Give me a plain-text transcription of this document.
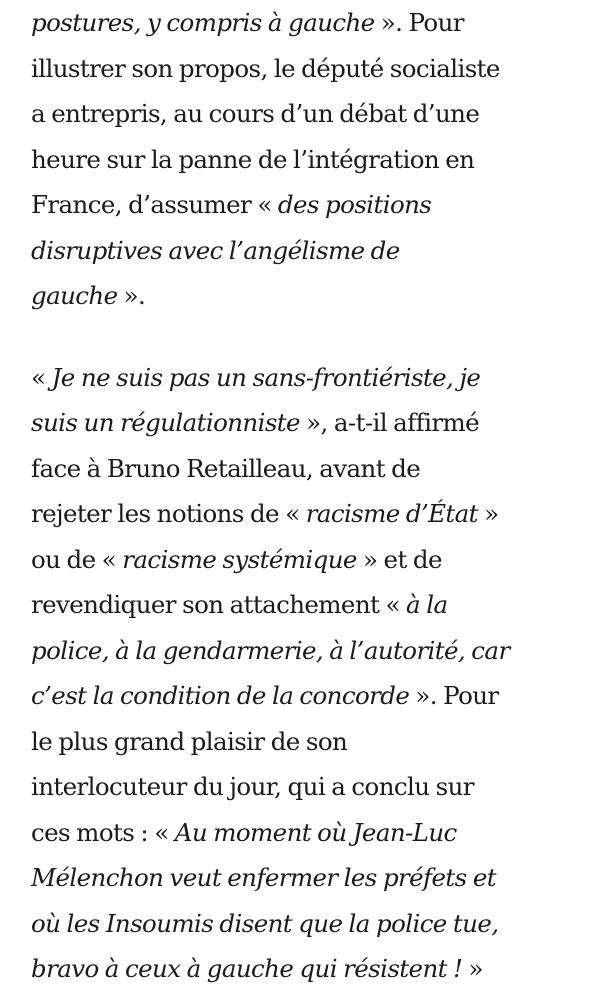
postures, y compris à gauche ». Pour
illustrer son propos, le député socialiste
a entrepris, au cours d’un débat d’une
heure sur la panne de l’intégration en
France, d’assumer « des positions
disruptives avec l’angélisme de
gauche ».
« Je ne suis pas un sans-frontiériste, je
suis un régulationniste », a-t-il affirmé
face à Bruno Retailleau, avant de
rejeter les notions de « racisme d’État »
ou de « racisme systémique » et de
revendiquer son attachement « à la
police, à la gendarmerie, à l’autorité, car
c’est la condition de la concorde ». Pour
le plus grand plaisir de son
interlocuteur du jour, qui a conclu sur
ces mots : « Au moment où Jean-Luc
Mélenchon veut enfermer les préfets et
où les Insoumis disent que la police tue,
bravo à ceux à gauche qui résistent ! »
